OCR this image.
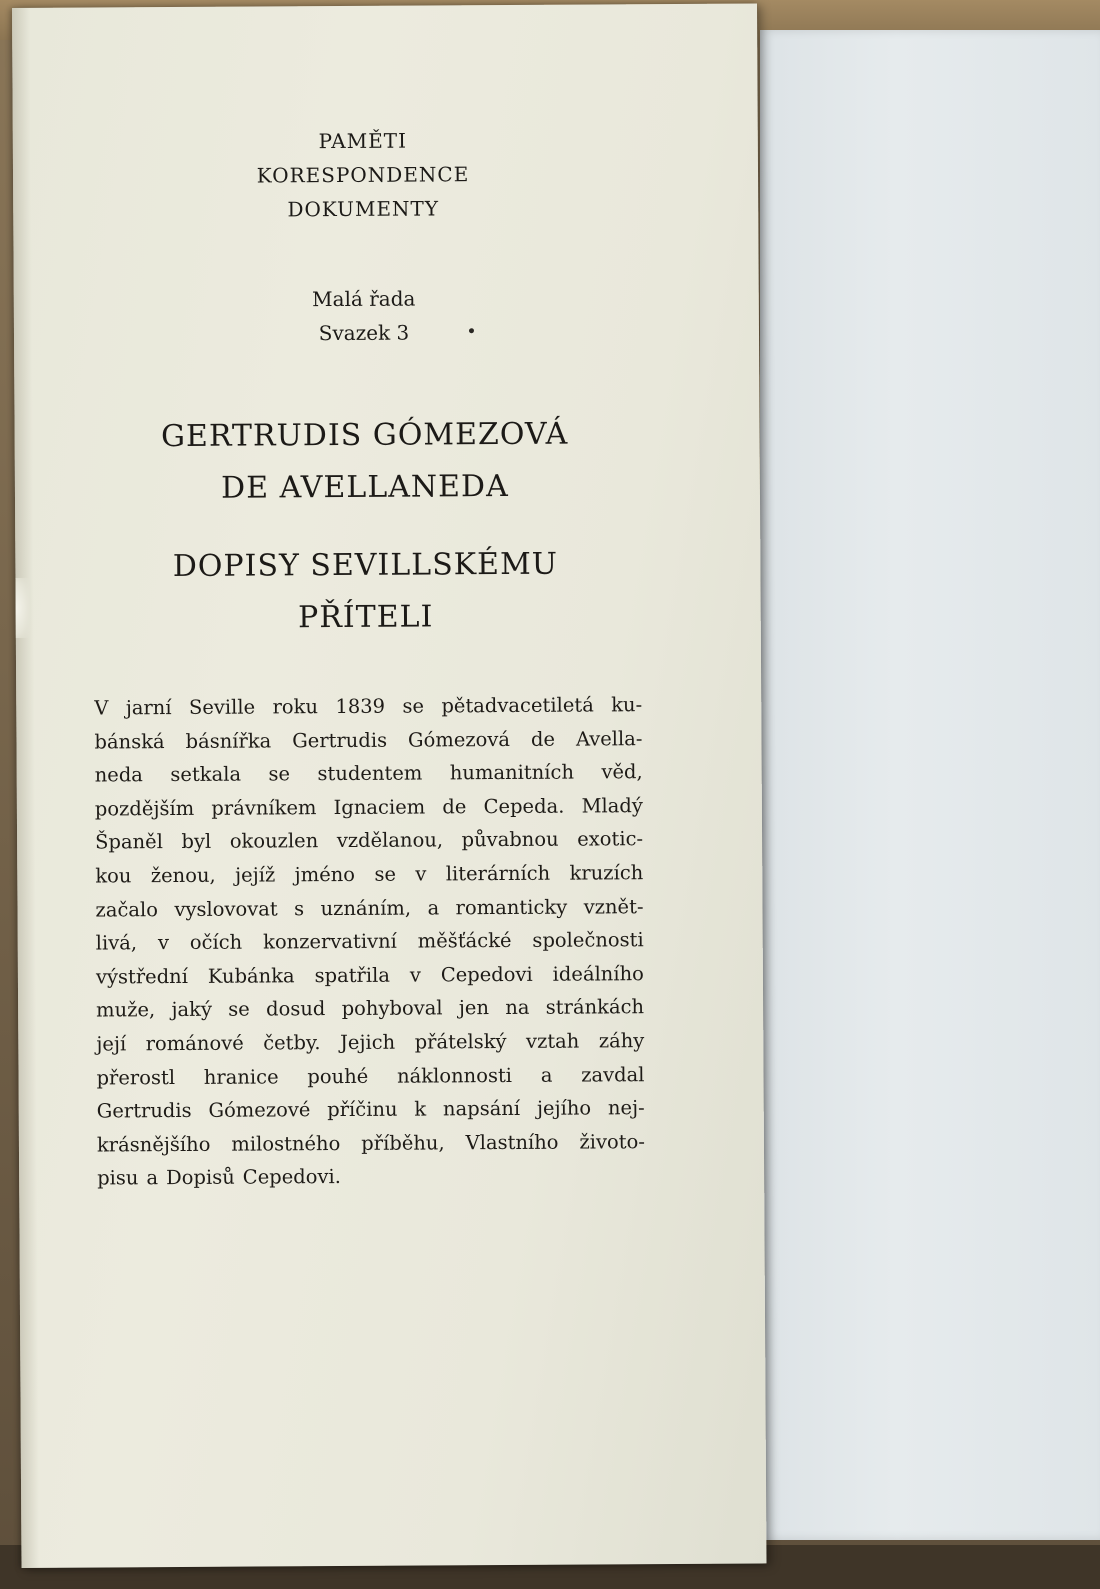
PAMĚTI
KORESPONDENCE
DOKUMENTY
Malá řada
Svazek 3
GERTRUDIS GÓMEZOVÁ
DE AVELLANEDA
DOPISY SEVILLSKÉMU
PŘÍTELI
V jarní Seville roku 1839 se pětadvacetiletá ku-
bánská básnířka Gertrudis Gómezová de Avella-
neda setkala se studentem humanitních věd,
pozdějším právníkem Ignaciem de Cepeda. Mladý
Španěl byl okouzlen vzdělanou, půvabnou exotic-
kou ženou, jejíž jméno se v literárních kruzích
začalo vyslovovat s uznáním, a romanticky vznět-
livá, v očích konzervativní měšťácké společnosti
výstřední Kubánka spatřila v Cepedovi ideálního
muže, jaký se dosud pohyboval jen na stránkách
její románové četby. Jejich přátelský vztah záhy
přerostl hranice pouhé náklonnosti a zavdal
Gertrudis Gómezové příčinu k napsání jejího nej-
krásnějšího milostného příběhu, Vlastního životo-
pisu a Dopisů Cepedovi.
